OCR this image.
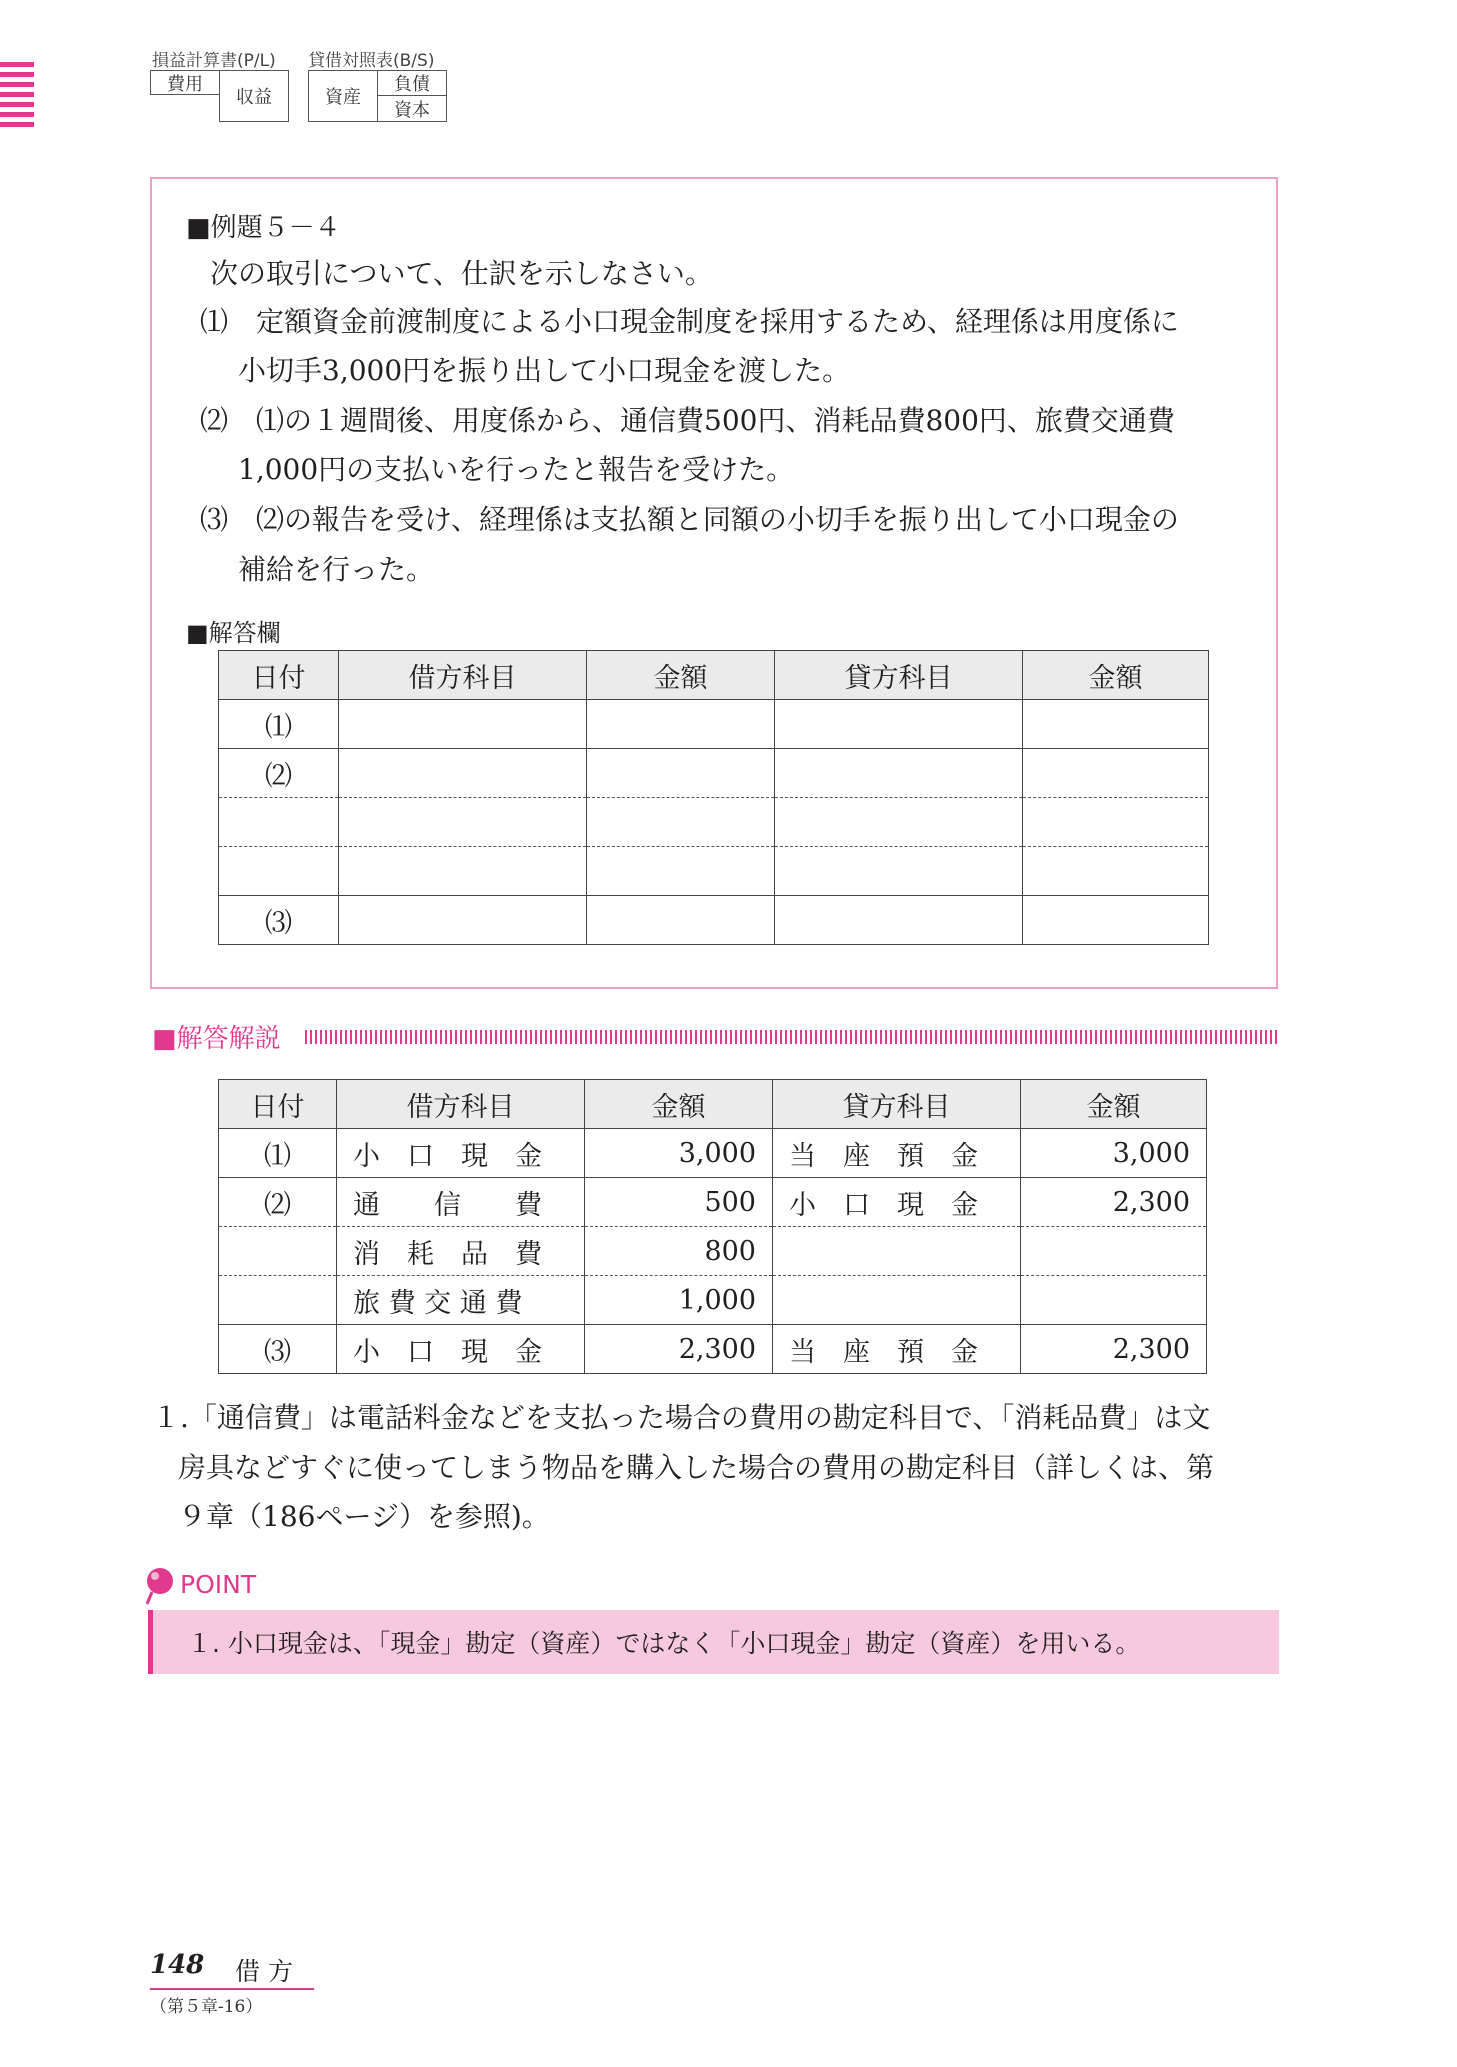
損益計算書(P/L) 貸借対照表(B/S)
費用
収益	資産
負債
資本
■例題５－４
次の取引について、仕訳を示しなさい。
⑴　定額資金前渡制度による小口現金制度を採用するため、経理係は用度係に
小切手3,000円を振り出して小口現金を渡した。
⑵　⑴の１週間後、用度係から、通信費500円、消耗品費800円、旅費交通費
1,000円の支払いを行ったと報告を受けた。
⑶　⑵の報告を受け、経理係は支払額と同額の小切手を振り出して小口現金の
補給を行った。
■解答欄
日付	借方科目	金額	貸方科目	金額
⑴				
⑵				

⑶				
■解答解説
日付	借方科目	金額	貸方科目	金額
⑴	小　口　現　金	3,000	当　座　預　金	3,000
⑵	通　　信　　費	500	小　口　現　金	2,300
	消　耗　品　費	800		
	旅 費 交 通 費	1,000		
⑶	小　口　現　金	2,300	当　座　預　金	2,300
１.「通信費」は電話料金などを支払った場合の費用の勘定科目で、「消耗品費」は文
房具などすぐに使ってしまう物品を購入した場合の費用の勘定科目（詳しくは、第
９章（186ページ）を参照)。
POINT
１. 小口現金は、「現金」勘定（資産）ではなく「小口現金」勘定（資産）を用いる。
148 借方
（第５章-16）
